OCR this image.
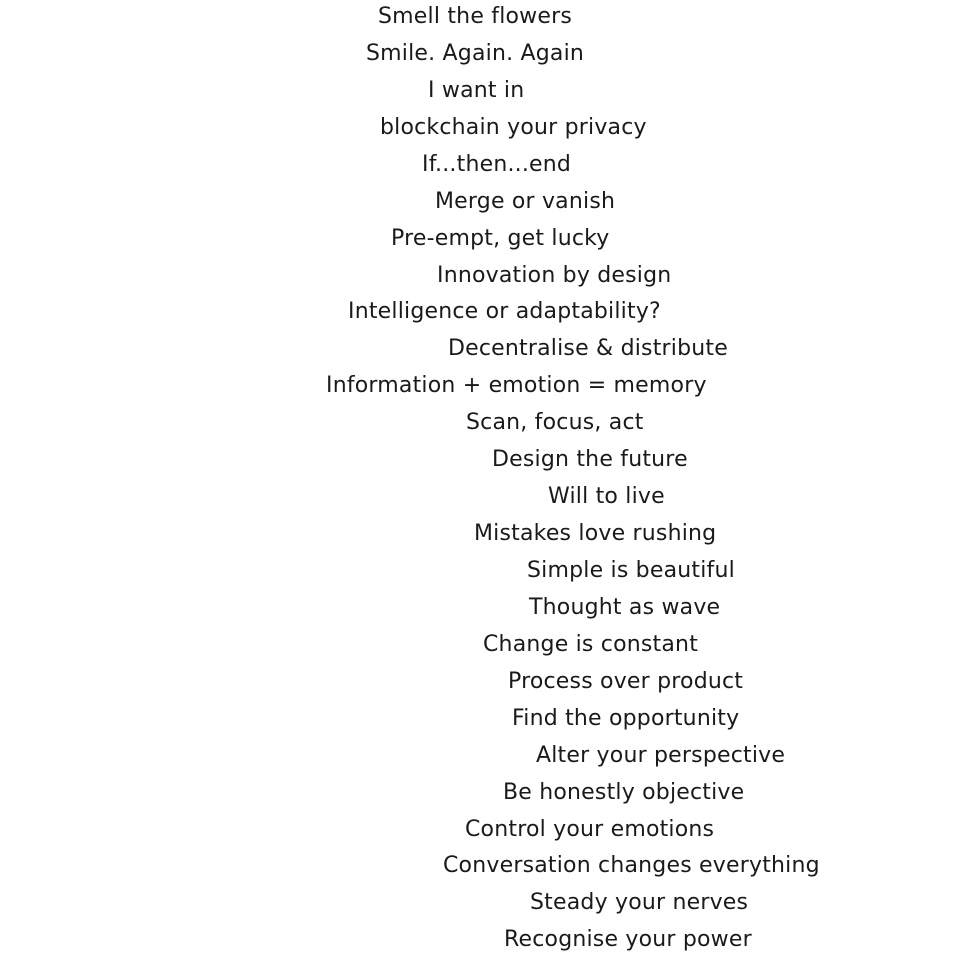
Smell the flowers
Smile. Again. Again
I want in
blockchain your privacy
If...then...end
Merge or vanish
Pre-empt, get lucky
Innovation by design
Intelligence or adaptability?
Decentralise & distribute
Information + emotion = memory
Scan, focus, act
Design the future
Will to live
Mistakes love rushing
Simple is beautiful
Thought as wave
Change is constant
Process over product
Find the opportunity
Alter your perspective
Be honestly objective
Control your emotions
Conversation changes everything
Steady your nerves
Recognise your power
